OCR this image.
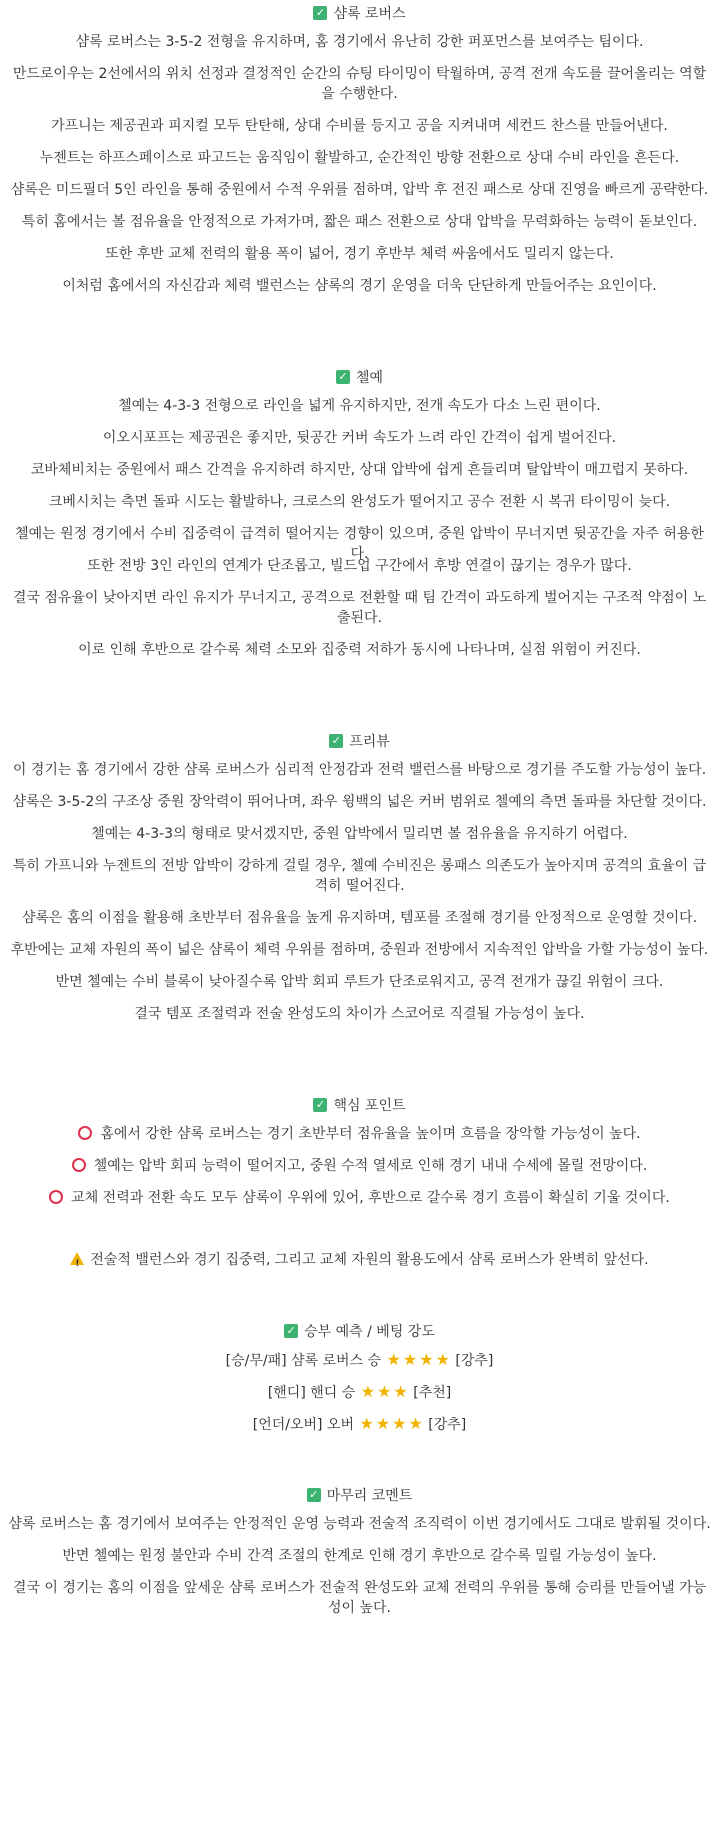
✓ 샴록 로버스

샴록 로버스는 3-5-2 전형을 유지하며, 홈 경기에서 유난히 강한 퍼포먼스를 보여주는 팀이다.

만드로이우는 2선에서의 위치 선정과 결정적인 순간의 슈팅 타이밍이 탁월하며, 공격 전개 속도를 끌어올리는 역할을 수행한다.

가프니는 제공권과 피지컬 모두 탄탄해, 상대 수비를 등지고 공을 지켜내며 세컨드 찬스를 만들어낸다.

누젠트는 하프스페이스로 파고드는 움직임이 활발하고, 순간적인 방향 전환으로 상대 수비 라인을 흔든다.

샴록은 미드필더 5인 라인을 통해 중원에서 수적 우위를 점하며, 압박 후 전진 패스로 상대 진영을 빠르게 공략한다.

특히 홈에서는 볼 점유율을 안정적으로 가져가며, 짧은 패스 전환으로 상대 압박을 무력화하는 능력이 돋보인다.

또한 후반 교체 전력의 활용 폭이 넓어, 경기 후반부 체력 싸움에서도 밀리지 않는다.

이처럼 홈에서의 자신감과 체력 밸런스는 샴록의 경기 운영을 더욱 단단하게 만들어주는 요인이다.

✓ 첼예

첼예는 4-3-3 전형으로 라인을 넓게 유지하지만, 전개 속도가 다소 느린 편이다.

이오시포프는 제공권은 좋지만, 뒷공간 커버 속도가 느려 라인 간격이 쉽게 벌어진다.

코바체비치는 중원에서 패스 간격을 유지하려 하지만, 상대 압박에 쉽게 흔들리며 탈압박이 매끄럽지 못하다.

크베시치는 측면 돌파 시도는 활발하나, 크로스의 완성도가 떨어지고 공수 전환 시 복귀 타이밍이 늦다.

첼예는 원정 경기에서 수비 집중력이 급격히 떨어지는 경향이 있으며, 중원 압박이 무너지면 뒷공간을 자주 허용한다.

또한 전방 3인 라인의 연계가 단조롭고, 빌드업 구간에서 후방 연결이 끊기는 경우가 많다.

결국 점유율이 낮아지면 라인 유지가 무너지고, 공격으로 전환할 때 팀 간격이 과도하게 벌어지는 구조적 약점이 노출된다.

이로 인해 후반으로 갈수록 체력 소모와 집중력 저하가 동시에 나타나며, 실점 위험이 커진다.

✓ 프리뷰

이 경기는 홈 경기에서 강한 샴록 로버스가 심리적 안정감과 전력 밸런스를 바탕으로 경기를 주도할 가능성이 높다.

샴록은 3-5-2의 구조상 중원 장악력이 뛰어나며, 좌우 윙백의 넓은 커버 범위로 첼예의 측면 돌파를 차단할 것이다.

첼예는 4-3-3의 형태로 맞서겠지만, 중원 압박에서 밀리면 볼 점유율을 유지하기 어렵다.

특히 가프니와 누젠트의 전방 압박이 강하게 걸릴 경우, 첼예 수비진은 롱패스 의존도가 높아지며 공격의 효율이 급격히 떨어진다.

샴록은 홈의 이점을 활용해 초반부터 점유율을 높게 유지하며, 템포를 조절해 경기를 안정적으로 운영할 것이다.

후반에는 교체 자원의 폭이 넓은 샴록이 체력 우위를 점하며, 중원과 전방에서 지속적인 압박을 가할 가능성이 높다.

반면 첼예는 수비 블록이 낮아질수록 압박 회피 루트가 단조로워지고, 공격 전개가 끊길 위험이 크다.

결국 템포 조절력과 전술 완성도의 차이가 스코어로 직결될 가능성이 높다.

✓ 핵심 포인트

홈에서 강한 샴록 로버스는 경기 초반부터 점유율을 높이며 흐름을 장악할 가능성이 높다.

첼예는 압박 회피 능력이 떨어지고, 중원 수적 열세로 인해 경기 내내 수세에 몰릴 전망이다.

교체 전력과 전환 속도 모두 샴록이 우위에 있어, 후반으로 갈수록 경기 흐름이 확실히 기울 것이다.

!전술적 밸런스와 경기 집중력, 그리고 교체 자원의 활용도에서 샴록 로버스가 완벽히 앞선다.

✓ 승부 예측 / 베팅 강도

[승/무/패] 샴록 로버스 승 ★ ★ ★ ★ [강추]

[핸디] 핸디 승 ★ ★ ★ [추천]

[언더/오버] 오버 ★ ★ ★ ★ [강추]

✓ 마무리 코멘트

샴록 로버스는 홈 경기에서 보여주는 안정적인 운영 능력과 전술적 조직력이 이번 경기에서도 그대로 발휘될 것이다.

반면 첼예는 원정 불안과 수비 간격 조절의 한계로 인해 경기 후반으로 갈수록 밀릴 가능성이 높다.

결국 이 경기는 홈의 이점을 앞세운 샴록 로버스가 전술적 완성도와 교체 전력의 우위를 통해 승리를 만들어낼 가능성이 높다.
